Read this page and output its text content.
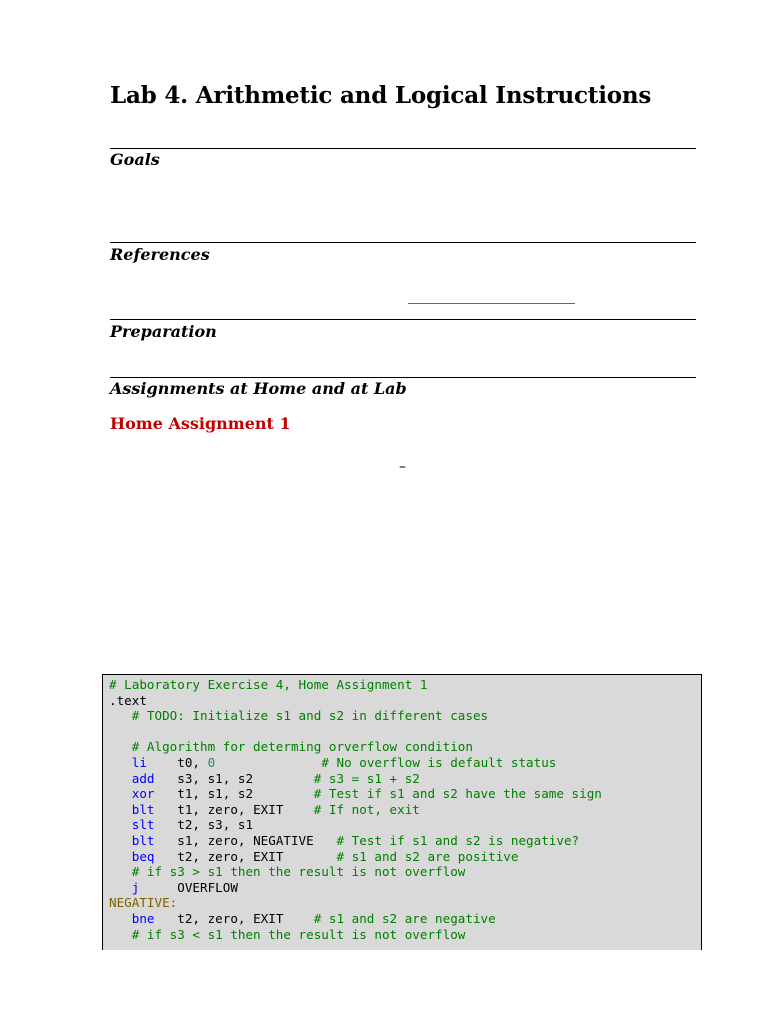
Lab 4. Arithmetic and Logical Instructions
Goals
References
Preparation
Assignments at Home and at Lab
Home Assignment 1
–
# Laboratory Exercise 4, Home Assignment 1
.text
# TODO: Initialize s1 and s2 in different cases
# Algorithm for determing orverflow condition
li    t0, 0	# No overflow is default status
add   s3, s1, s2        # s3 = s1 + s2
xor   t1, s1, s2        # Test if s1 and s2 have the same sign
blt   t1, zero, EXIT    # If not, exit
slt   t2, s3, s1
blt   s1, zero, NEGATIVE   # Test if s1 and s2 is negative?
beq   t2, zero, EXIT       # s1 and s2 are positive
# if s3 > s1 then the result is not overflow
j     OVERFLOW
NEGATIVE:
bne   t2, zero, EXIT    # s1 and s2 are negative
# if s3 < s1 then the result is not overflow
